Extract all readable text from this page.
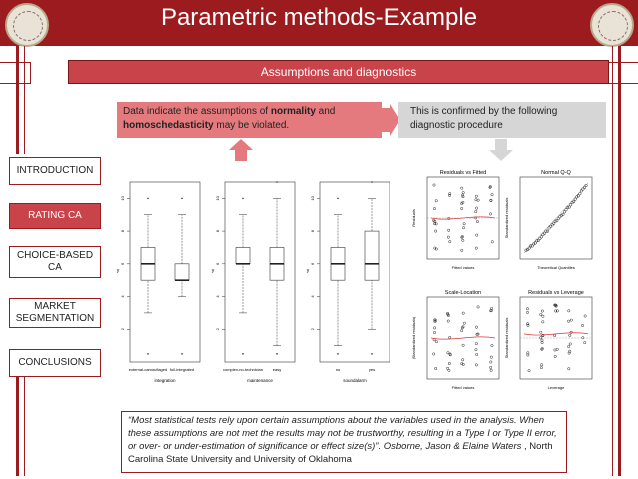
Parametric methods-Example
Assumptions and diagnostics
INTRODUCTION
RATING CA
CHOICE-BASED CA
MARKET SEGMENTATION
CONCLUSIONS
Data indicate the assumptions of normality and homoschedasticity may be violated.
This is confirmed by the following diagnostic procedure
2
4
6
8
10
y
external-camouflaged full-integrated
integration
2
4
6
8
10
y
complex-no-technician easy
maintenance
2
4
6
8
10
y
no	yes
soundalarm
Residuals vs Fitted
Fitted values
Residuals
Normal Q-Q
Theoretical Quantiles
Standardized residuals
Scale-Location
Fitted values
|Standardized residuals|
Residuals vs Leverage
Leverage
Standardized residuals
“Most statistical tests rely upon certain assumptions about the variables used in the analysis. When these assumptions are not met the results may not be trustworthy, resulting in a Type I or Type II error, or over- or under-estimation of significance or effect size(s)”. Osborne, Jason & Elaine Waters , North Carolina State University and University of Oklahoma
